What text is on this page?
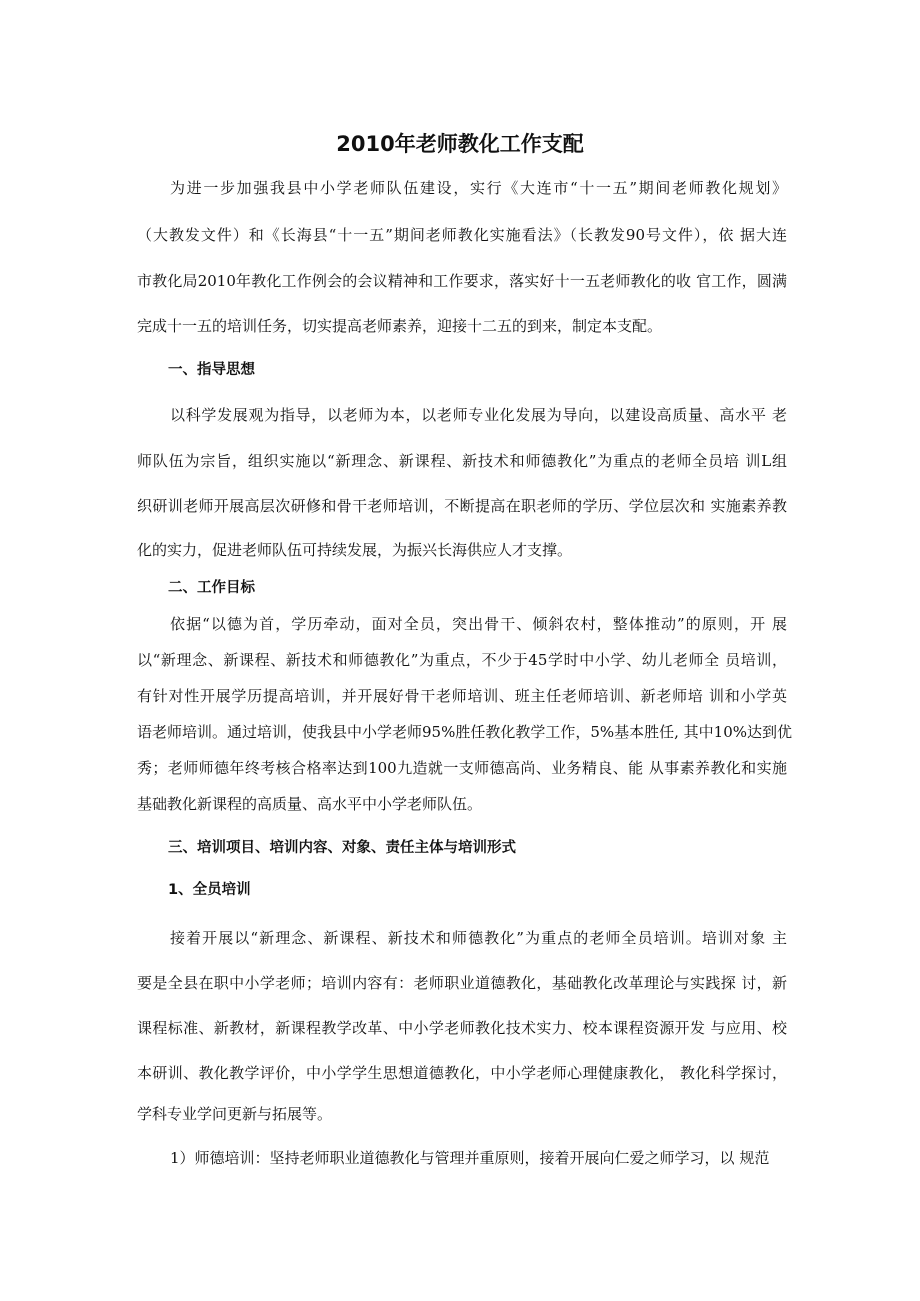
2010年老师教化工作支配
为进一步加强我县中小学老师队伍建设，实行《大连市“十一五”期间老师教化规划》
（大教发文件）和《长海县“十一五”期间老师教化实施看法》（长教发90号文件），依 据大连
市教化局2010年教化工作例会的会议精神和工作要求，落实好十一五老师教化的收 官工作，圆满
完成十一五的培训任务，切实提高老师素养，迎接十二五的到来，制定本支配。
一、指导思想
以科学发展观为指导，以老师为本，以老师专业化发展为导向，以建设高质量、高水平 老
师队伍为宗旨，组织实施以“新理念、新课程、新技术和师德教化”为重点的老师全员培 训L组
织研训老师开展高层次研修和骨干老师培训，不断提高在职老师的学历、学位层次和 实施素养教
化的实力，促进老师队伍可持续发展，为振兴长海供应人才支撑。
二、工作目标
依据“以德为首，学历牵动，面对全员，突出骨干、倾斜农村，整体推动”的原则，开 展
以“新理念、新课程、新技术和师德教化”为重点，不少于45学时中小学、幼儿老师全 员培训，
有针对性开展学历提高培训，并开展好骨干老师培训、班主任老师培训、新老师培 训和小学英
语老师培训。通过培训，使我县中小学老师95%胜任教化教学工作，5%基本胜任, 其中10%达到优
秀；老师师德年终考核合格率达到100九造就一支师德高尚、业务精良、能 从事素养教化和实施
基础教化新课程的高质量、高水平中小学老师队伍。
三、培训项目、培训内容、对象、责任主体与培训形式
1、全员培训
接着开展以“新理念、新课程、新技术和师德教化”为重点的老师全员培训。培训对象 主
要是全县在职中小学老师；培训内容有：老师职业道德教化，基础教化改革理论与实践探 讨，新
课程标准、新教材，新课程教学改革、中小学老师教化技术实力、校本课程资源开发 与应用、校
本研训、教化教学评价，中小学学生思想道德教化，中小学老师心理健康教化， 教化科学探讨，
学科专业学问更新与拓展等。
1）师德培训：坚持老师职业道德教化与管理并重原则，接着开展向仁爱之师学习，以 规范
